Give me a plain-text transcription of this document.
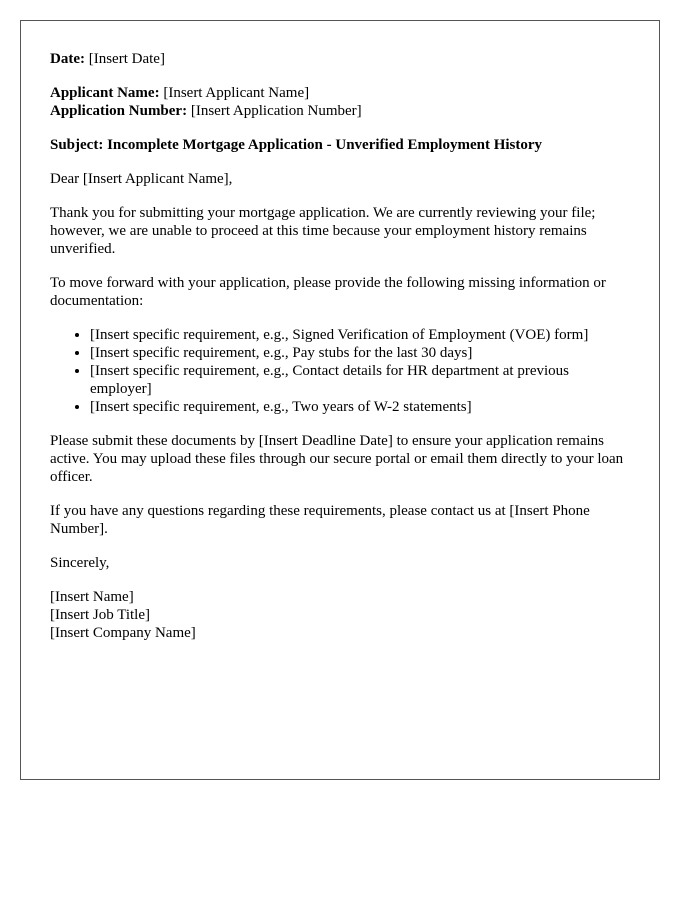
Date: [Insert Date]
Applicant Name: [Insert Applicant Name]
Application Number: [Insert Application Number]

Subject: Incomplete Mortgage Application - Unverified Employment History

Dear [Insert Applicant Name],

Thank you for submitting your mortgage application. We are currently reviewing your file; however, we are unable to proceed at this time because your employment history remains unverified.

To move forward with your application, please provide the following missing information or documentation:

• [Insert specific requirement, e.g., Signed Verification of Employment (VOE) form]
• [Insert specific requirement, e.g., Pay stubs for the last 30 days]
• [Insert specific requirement, e.g., Contact details for HR department at previous employer]
• [Insert specific requirement, e.g., Two years of W-2 statements]

Please submit these documents by [Insert Deadline Date] to ensure your application remains active. You may upload these files through our secure portal or email them directly to your loan officer.

If you have any questions regarding these requirements, please contact us at [Insert Phone Number].

Sincerely,

[Insert Name]
[Insert Job Title]
[Insert Company Name]
